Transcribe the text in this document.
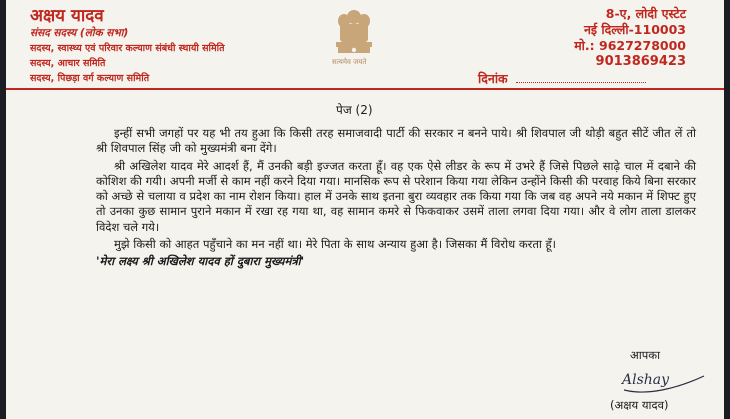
अक्षय यादव
संसद सदस्य (लोक सभा)
सदस्य, स्वास्थ्य एवं परिवार कल्याण संबंधी स्थायी समिति
सदस्य, आचार समिति
सदस्य, पिछड़ा वर्ग कल्याण समिति
सत्यमेव जयते
8-ए, लोदी एस्टेट
नई दिल्ली-110003
मो.: 9627278000
9013869423
दिनांक
पेज (2)

इन्हीं सभी जगहों पर यह भी तय हुआ कि किसी तरह समाजवादी पार्टी की सरकार न बनने पाये। श्री शिवपाल जी थोड़ी बहुत सीटें जीत लें तो श्री शिवपाल सिंह जी को मुख्यमंत्री बना देंगे।

श्री अखिलेश यादव मेरे आदर्श हैं, मैं उनकी बड़ी इज्जत करता हूँ। वह एक ऐसे लीडर के रूप में उभरे हैं जिसे पिछले साढ़े चाल में दबाने की कोशिश की गयी। अपनी मर्जी से काम नहीं करने दिया गया। मानसिक रूप से परेशान किया गया लेकिन उन्होंने किसी की परवाह किये बिना सरकार को अच्छे से चलाया व प्रदेश का नाम रोशन किया। हाल में उनके साथ इतना बुरा व्यवहार तक किया गया कि जब वह अपने नये मकान में शिफ्ट हुए तो उनका कुछ सामान पुराने मकान में रखा रह गया था, वह सामान कमरे से फिकवाकर उसमें ताला लगवा दिया गया। और वे लोग ताला डालकर विदेश चले गये।

मुझे किसी को आहत पहुँचाने का मन नहीं था। मेरे पिता के साथ अन्याय हुआ है। जिसका मैं विरोध करता हूँ।

'मेरा लक्ष्य श्री अखिलेश यादव हों दुबारा मुख्यमंत्री'

आपका
Alshay
(अक्षय यादव)
